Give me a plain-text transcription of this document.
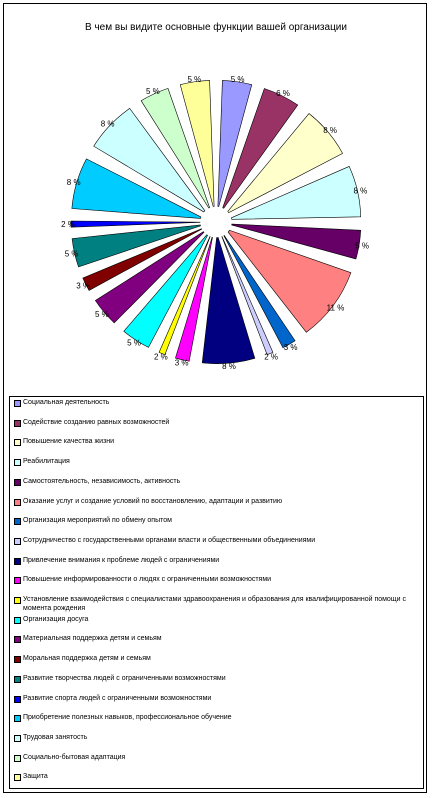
В чем вы видите основные функции вашей организации
5 %
6 %
8 %
8 %
5 %
11 %
3 %
2 %
8 %
3 %
2 %
5 %
5 %
3 %
5 %
2 %
8 %
8 %
5 %
5 %
Социальная деятельность
Содействие созданию равных возможностей
Повышение качества жизни
Реабилитация
Самостоятельность, независимость, активность
Оказание услуг и создание условий по восстановлению, адаптации и развитию
Организация мероприятий по обмену опытом
Сотрудничество с государственными органами власти и общественными объединениями
Привлечение внимания к проблеме людей с ограничениями
Повышение информированности о людях с ограниченными возможностями
Установление взаимодействия с специалистами здравоохранения и образования для квалифицированной помощи с момента рождения
Организация досуга
Материальная поддержка детям и семьям
Моральная поддержка детям и семьям
Развитие творчества людей с ограниченными возможностями
Развитие спорта людей с ограниченными возможностями
Приобретение полезных навыков, профессиональное обучение
Трудовая занятость
Социально-бытовая адаптация
Защита
